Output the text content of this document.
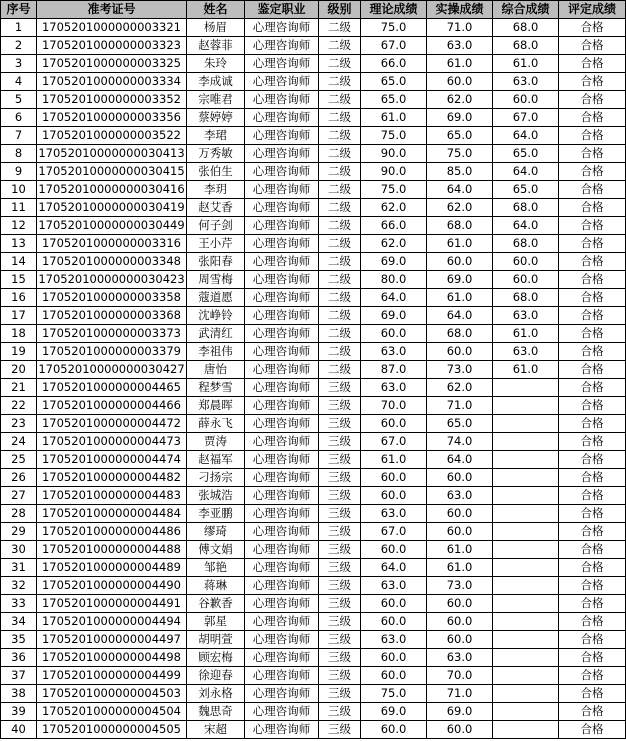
序号	准考证号	姓名	鉴定职业	级别	理论成绩	实操成绩	综合成绩	评定成绩
1	1705201000000003321	杨眉	心理咨询师	二级	75.0	71.0	68.0	合格
2	1705201000000003323	赵蓉菲	心理咨询师	二级	67.0	63.0	68.0	合格
3	1705201000000003325	朱玲	心理咨询师	二级	66.0	61.0	61.0	合格
4	1705201000000003334	李成诚	心理咨询师	二级	65.0	60.0	63.0	合格
5	1705201000000003352	宗唯君	心理咨询师	二级	65.0	62.0	60.0	合格
6	1705201000000003356	蔡婷婷	心理咨询师	二级	61.0	69.0	67.0	合格
7	1705201000000003522	李珺	心理咨询师	二级	75.0	65.0	64.0	合格
8	17052010000000030413	万秀敏	心理咨询师	二级	90.0	75.0	65.0	合格
9	17052010000000030415	张伯生	心理咨询师	二级	90.0	85.0	64.0	合格
10	17052010000000030416	李玥	心理咨询师	二级	75.0	64.0	65.0	合格
11	17052010000000030419	赵艾香	心理咨询师	二级	62.0	62.0	68.0	合格
12	17052010000000030449	何子剑	心理咨询师	二级	66.0	68.0	64.0	合格
13	1705201000000003316	王小芹	心理咨询师	二级	62.0	61.0	68.0	合格
14	1705201000000003348	张阳春	心理咨询师	二级	69.0	60.0	60.0	合格
15	17052010000000030423	周雪梅	心理咨询师	二级	80.0	69.0	60.0	合格
16	1705201000000003358	蔻道愿	心理咨询师	二级	64.0	61.0	68.0	合格
17	1705201000000003368	沈峥铃	心理咨询师	二级	69.0	64.0	63.0	合格
18	1705201000000003373	武清红	心理咨询师	二级	60.0	68.0	61.0	合格
19	1705201000000003379	李祖伟	心理咨询师	二级	63.0	60.0	63.0	合格
20	17052010000000030427	唐怡	心理咨询师	二级	87.0	73.0	61.0	合格
21	1705201000000004465	程梦雪	心理咨询师	三级	63.0	62.0		合格
22	1705201000000004466	郑晨晖	心理咨询师	三级	70.0	71.0		合格
23	1705201000000004472	薛永飞	心理咨询师	三级	60.0	65.0		合格
24	1705201000000004473	贾涛	心理咨询师	三级	67.0	74.0		合格
25	1705201000000004474	赵福军	心理咨询师	三级	61.0	64.0		合格
26	1705201000000004482	刁扬宗	心理咨询师	三级	60.0	60.0		合格
27	1705201000000004483	张城浩	心理咨询师	三级	60.0	63.0		合格
28	1705201000000004484	李亚鹏	心理咨询师	三级	63.0	60.0		合格
29	1705201000000004486	缪琦	心理咨询师	三级	67.0	60.0		合格
30	1705201000000004488	傅文娟	心理咨询师	三级	60.0	61.0		合格
31	1705201000000004489	邹艳	心理咨询师	三级	64.0	61.0		合格
32	1705201000000004490	蒋琳	心理咨询师	三级	63.0	73.0		合格
33	1705201000000004491	谷歉香	心理咨询师	三级	60.0	60.0		合格
34	1705201000000004494	郭星	心理咨询师	三级	60.0	60.0		合格
35	1705201000000004497	胡明萱	心理咨询师	三级	63.0	60.0		合格
36	1705201000000004498	顾宏梅	心理咨询师	三级	60.0	63.0		合格
37	1705201000000004499	徐迎春	心理咨询师	三级	60.0	70.0		合格
38	1705201000000004503	刘永格	心理咨询师	三级	75.0	71.0		合格
39	1705201000000004504	魏思奇	心理咨询师	三级	69.0	69.0		合格
40	1705201000000004505	宋超	心理咨询师	三级	60.0	60.0		合格
